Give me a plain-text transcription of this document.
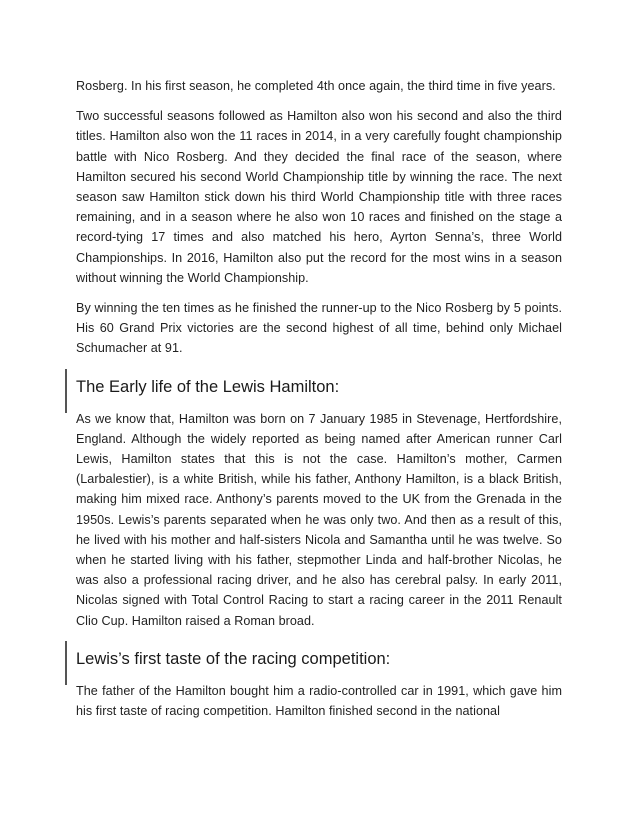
Rosberg. In his first season, he completed 4th once again, the third time in five years.

Two successful seasons followed as Hamilton also won his second and also the third titles. Hamilton also won the 11 races in 2014, in a very carefully fought championship battle with Nico Rosberg. And they decided the final race of the season, where Hamilton secured his second World Championship title by winning the race. The next season saw Hamilton stick down his third World Championship title with three races remaining, and in a season where he also won 10 races and finished on the stage a record-tying 17 times and also matched his hero, Ayrton Senna’s, three World Championships. In 2016, Hamilton also put the record for the most wins in a season without winning the World Championship.

By winning the ten times as he finished the runner-up to the Nico Rosberg by 5 points. His 60 Grand Prix victories are the second highest of all time, behind only Michael Schumacher at 91.

The Early life of the Lewis Hamilton:

As we know that, Hamilton was born on 7 January 1985 in Stevenage, Hertfordshire, England. Although the widely reported as being named after American runner Carl Lewis, Hamilton states that this is not the case. Hamilton’s mother, Carmen (Larbalestier), is a white British, while his father, Anthony Hamilton, is a black British, making him mixed race. Anthony’s parents moved to the UK from the Grenada in the 1950s. Lewis’s parents separated when he was only two. And then as a result of this, he lived with his mother and half-sisters Nicola and Samantha until he was twelve. So when he started living with his father, stepmother Linda and half-brother Nicolas, he was also a professional racing driver, and he also has cerebral palsy. In early 2011, Nicolas signed with Total Control Racing to start a racing career in the 2011 Renault Clio Cup. Hamilton raised a Roman broad.

Lewis’s first taste of the racing competition:

The father of the Hamilton bought him a radio-controlled car in 1991, which gave him his first taste of racing competition. Hamilton finished second in the national
